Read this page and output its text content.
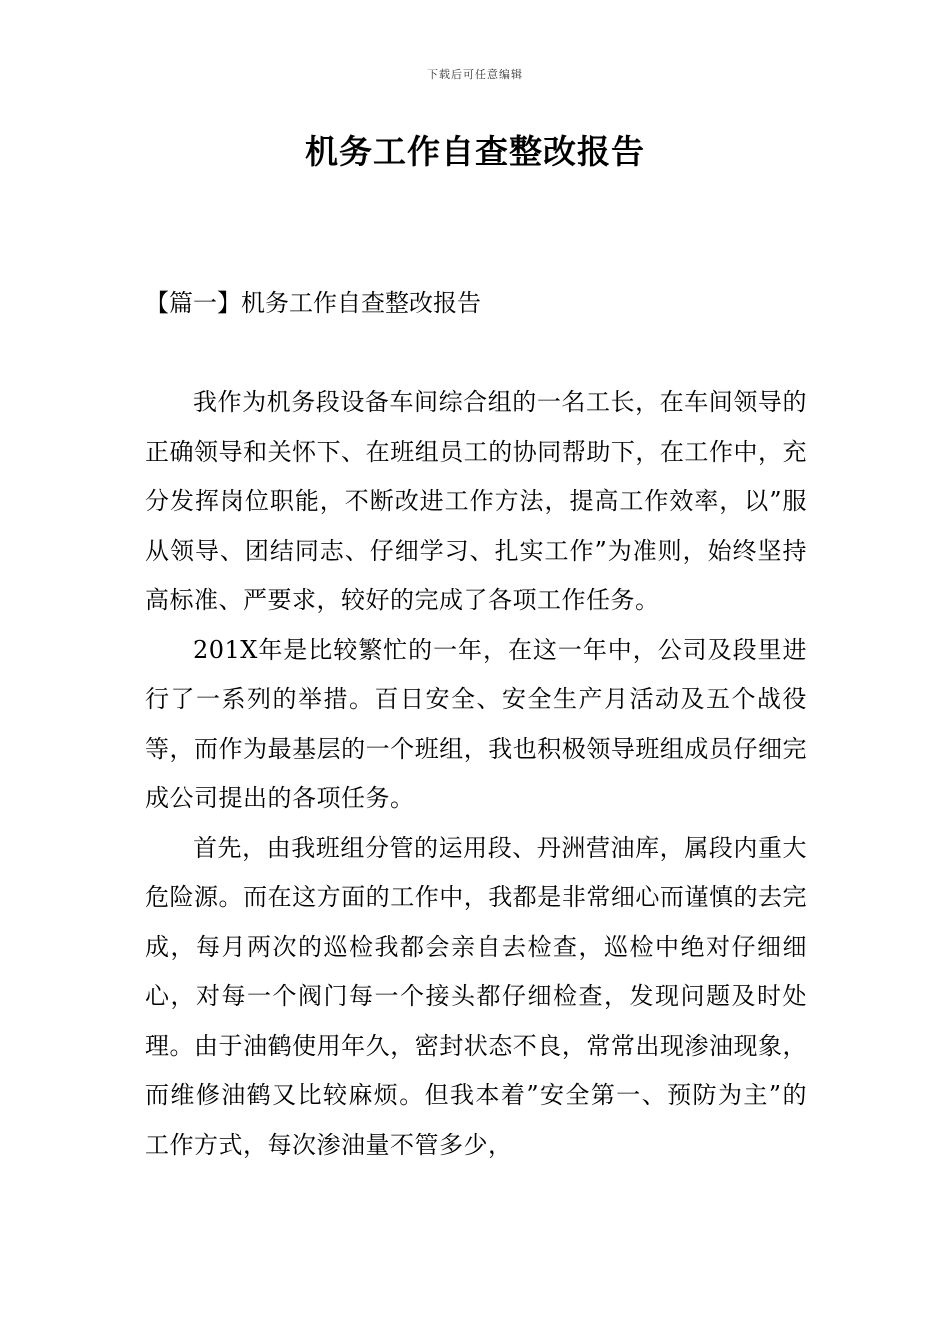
下载后可任意编辑
机务工作自查整改报告
【篇一】机务工作自查整改报告

我作为机务段设备车间综合组的一名工长，在车间领导的正确领导和关怀下、在班组员工的协同帮助下，在工作中，充分发挥岗位职能，不断改进工作方法，提高工作效率，以”服从领导、团结同志、仔细学习、扎实工作”为准则，始终坚持高标准、严要求，较好的完成了各项工作任务。

201X年是比较繁忙的一年，在这一年中，公司及段里进行了一系列的举措。百日安全、安全生产月活动及五个战役等，而作为最基层的一个班组，我也积极领导班组成员仔细完成公司提出的各项任务。

首先，由我班组分管的运用段、丹洲营油库，属段内重大危险源。而在这方面的工作中，我都是非常细心而谨慎的去完成，每月两次的巡检我都会亲自去检查，巡检中绝对仔细细心，对每一个阀门每一个接头都仔细检查，发现问题及时处理。由于油鹤使用年久，密封状态不良，常常出现渗油现象，而维修油鹤又比较麻烦。但我本着”安全第一、预防为主”的工作方式，每次渗油量不管多少，
